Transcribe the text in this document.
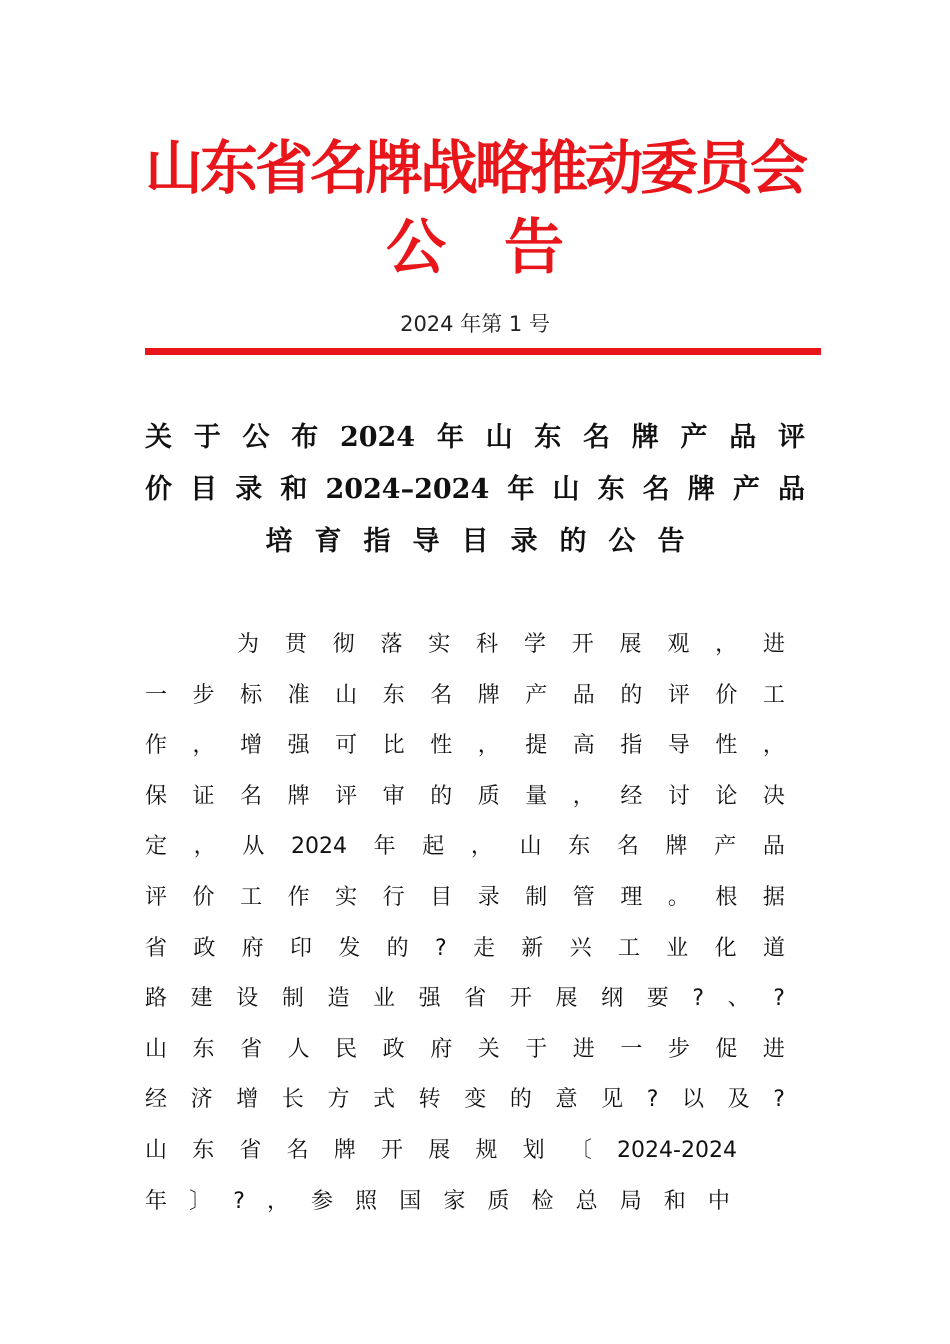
山东省名牌战略推动委员会
公告
2024 年第 1 号
关 于 公 布 2024 年 山 东 名 牌 产 品 评
价 目 录 和 2024–2024 年 山 东 名 牌 产 品
培 育 指 导 目 录 的 公 告
为 贯 彻 落 实 科 学 开 展 观 ， 进
一 步 标 准 山 东 名 牌 产 品 的 评 价 工
作 ， 增 强 可 比 性 ， 提 高 指 导 性 ，
保 证 名 牌 评 审 的 质 量 ， 经 讨 论 决
定 ， 从 2024 年 起 ， 山 东 名 牌 产 品
评 价 工 作 实 行 目 录 制 管 理 。 根 据
省 政 府 印 发 的 ? 走 新 兴 工 业 化 道
路 建 设 制 造 业 强 省 开 展 纲 要 ? 、 ?
山 东 省 人 民 政 府 关 于 进 一 步 促 进
经 济 增 长 方 式 转 变 的 意 见 ? 以 及 ?
山 东 省 名 牌 开 展 规 划 〔 2024-2024
年 〕 ? ， 参 照 国 家 质 检 总 局 和 中
